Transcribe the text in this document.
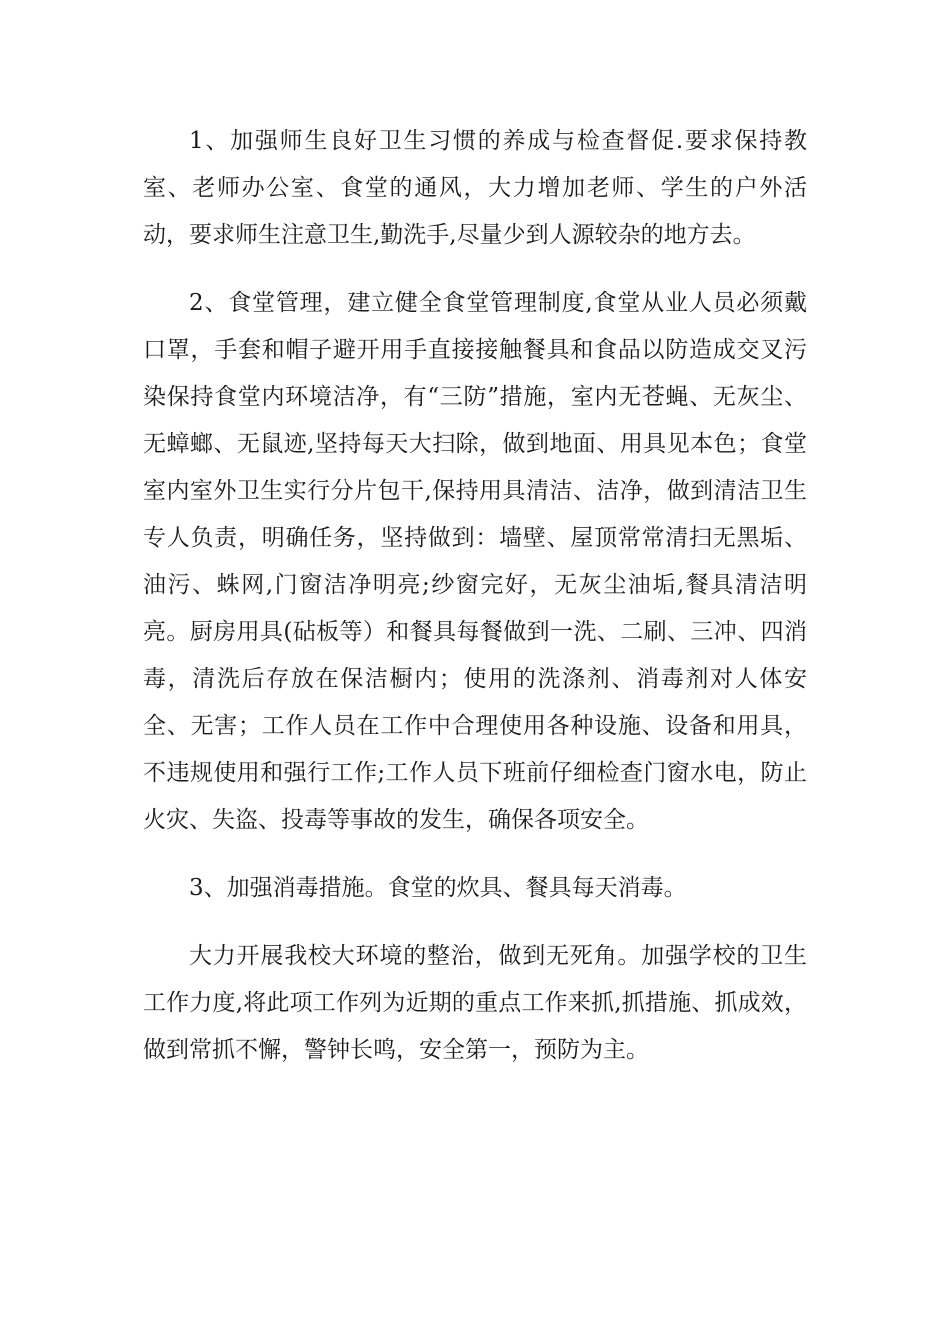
1、加强师生良好卫生习惯的养成与检查督促.要求保持教室、老师办公室、食堂的通风，大力增加老师、学生的户外活动，要求师生注意卫生,勤洗手,尽量少到人源较杂的地方去。

2、食堂管理，建立健全食堂管理制度,食堂从业人员必须戴口罩，手套和帽子避开用手直接接触餐具和食品以防造成交叉污染保持食堂内环境洁净，有“三防”措施，室内无苍蝇、无灰尘、无蟑螂、无鼠迹,坚持每天大扫除，做到地面、用具见本色；食堂室内室外卫生实行分片包干,保持用具清洁、洁净，做到清洁卫生专人负责，明确任务，坚持做到：墙壁、屋顶常常清扫无黑垢、油污、蛛网,门窗洁净明亮;纱窗完好，无灰尘油垢,餐具清洁明亮。厨房用具(砧板等）和餐具每餐做到一洗、二刷、三冲、四消毒，清洗后存放在保洁橱内；使用的洗涤剂、消毒剂对人体安全、无害；工作人员在工作中合理使用各种设施、设备和用具，不违规使用和强行工作;工作人员下班前仔细检查门窗水电，防止火灾、失盗、投毒等事故的发生，确保各项安全。

3、加强消毒措施。食堂的炊具、餐具每天消毒。

大力开展我校大环境的整治，做到无死角。加强学校的卫生工作力度,将此项工作列为近期的重点工作来抓,抓措施、抓成效，做到常抓不懈，警钟长鸣，安全第一，预防为主。
